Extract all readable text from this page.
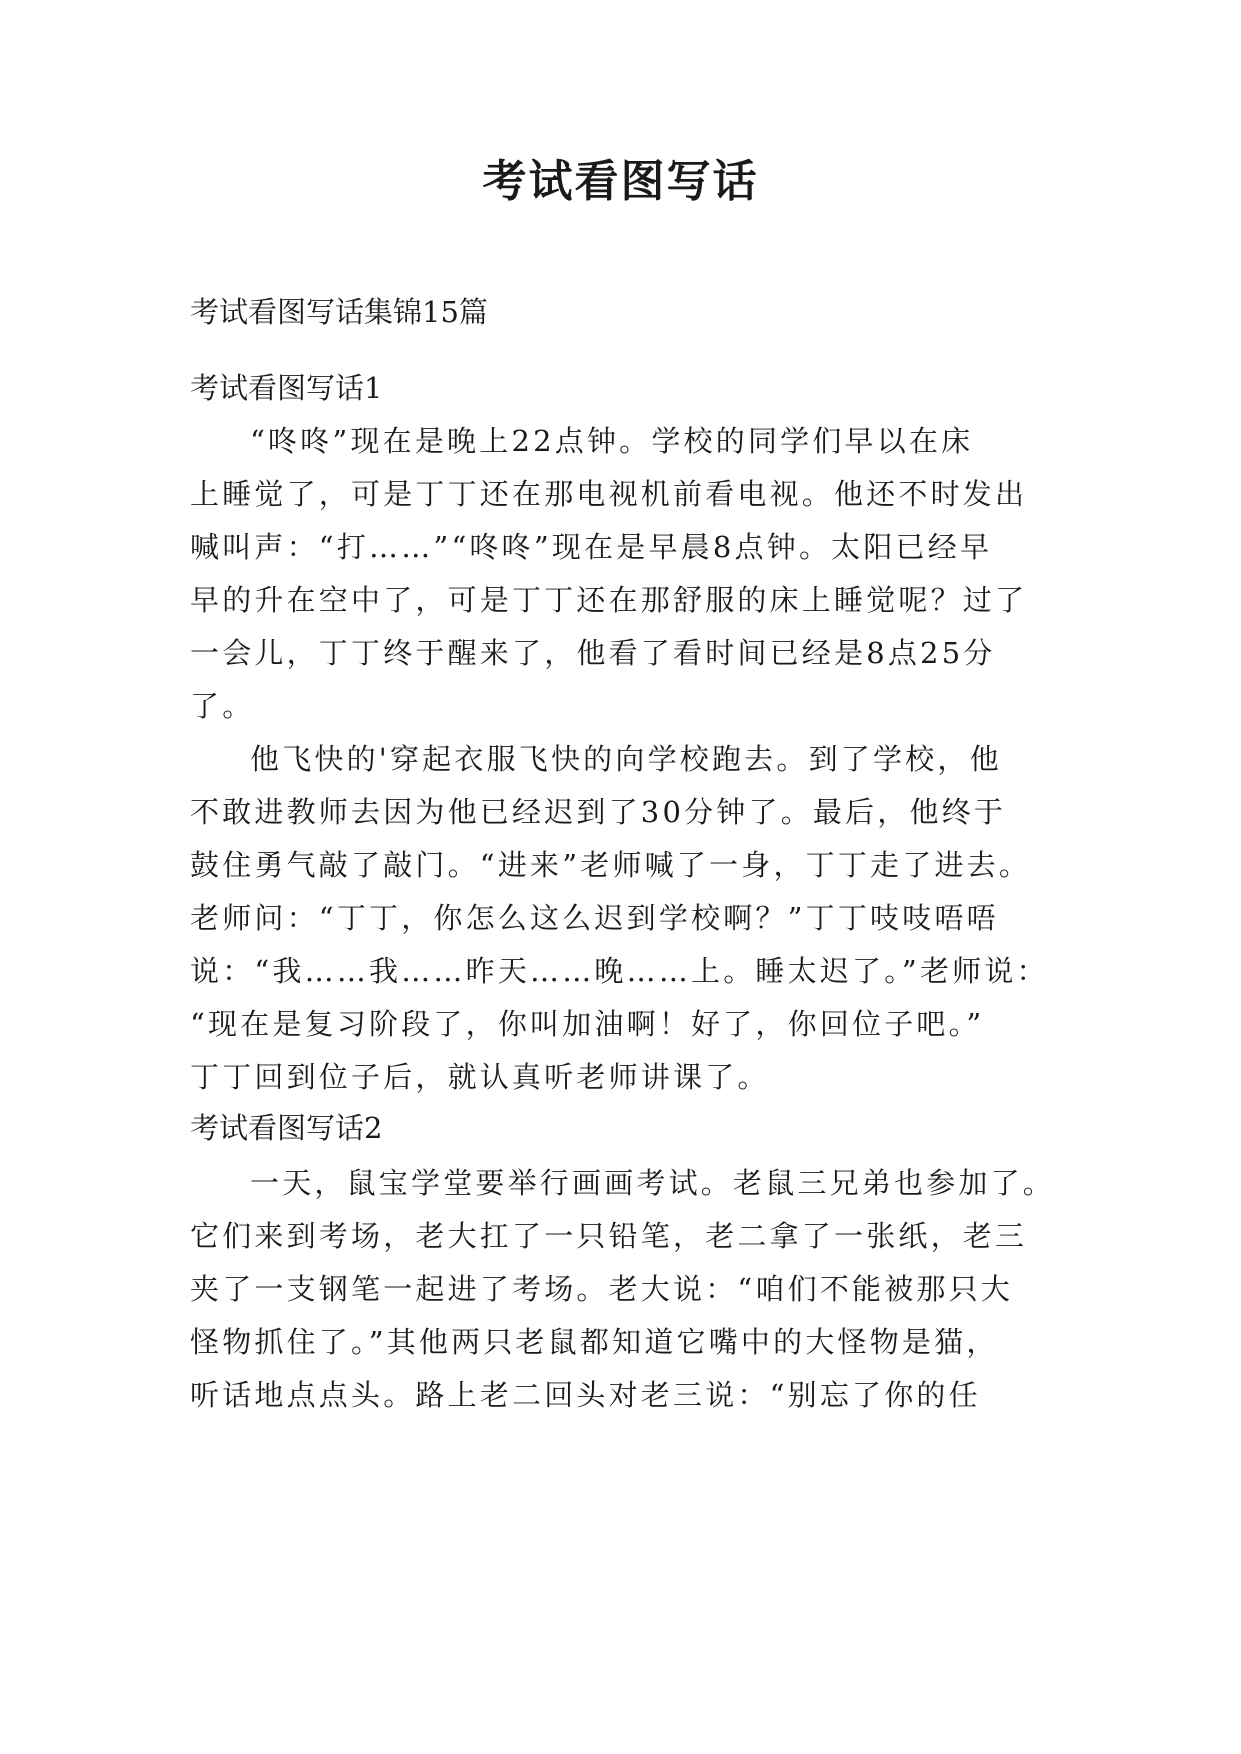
考试看图写话

考试看图写话集锦15篇

考试看图写话1

“咚咚”现在是晚上22点钟。学校的同学们早以在床

上睡觉了，可是丁丁还在那电视机前看电视。他还不时发出

喊叫声：“打……”“咚咚”现在是早晨8点钟。太阳已经早

早的升在空中了，可是丁丁还在那舒服的床上睡觉呢？过了

一会儿，丁丁终于醒来了，他看了看时间已经是8点25分

了。

他飞快的'穿起衣服飞快的向学校跑去。到了学校，他

不敢进教师去因为他已经迟到了30分钟了。最后，他终于

鼓住勇气敲了敲门。“进来”老师喊了一身，丁丁走了进去。

老师问：“丁丁，你怎么这么迟到学校啊？”丁丁吱吱唔唔

说：“我……我……昨天……晚……上。睡太迟了。”老师说：

“现在是复习阶段了，你叫加油啊！好了，你回位子吧。”

丁丁回到位子后，就认真听老师讲课了。

考试看图写话2

一天，鼠宝学堂要举行画画考试。老鼠三兄弟也参加了。

它们来到考场，老大扛了一只铅笔，老二拿了一张纸，老三

夹了一支钢笔一起进了考场。老大说：“咱们不能被那只大

怪物抓住了。”其他两只老鼠都知道它嘴中的大怪物是猫，

听话地点点头。路上老二回头对老三说：“别忘了你的任
